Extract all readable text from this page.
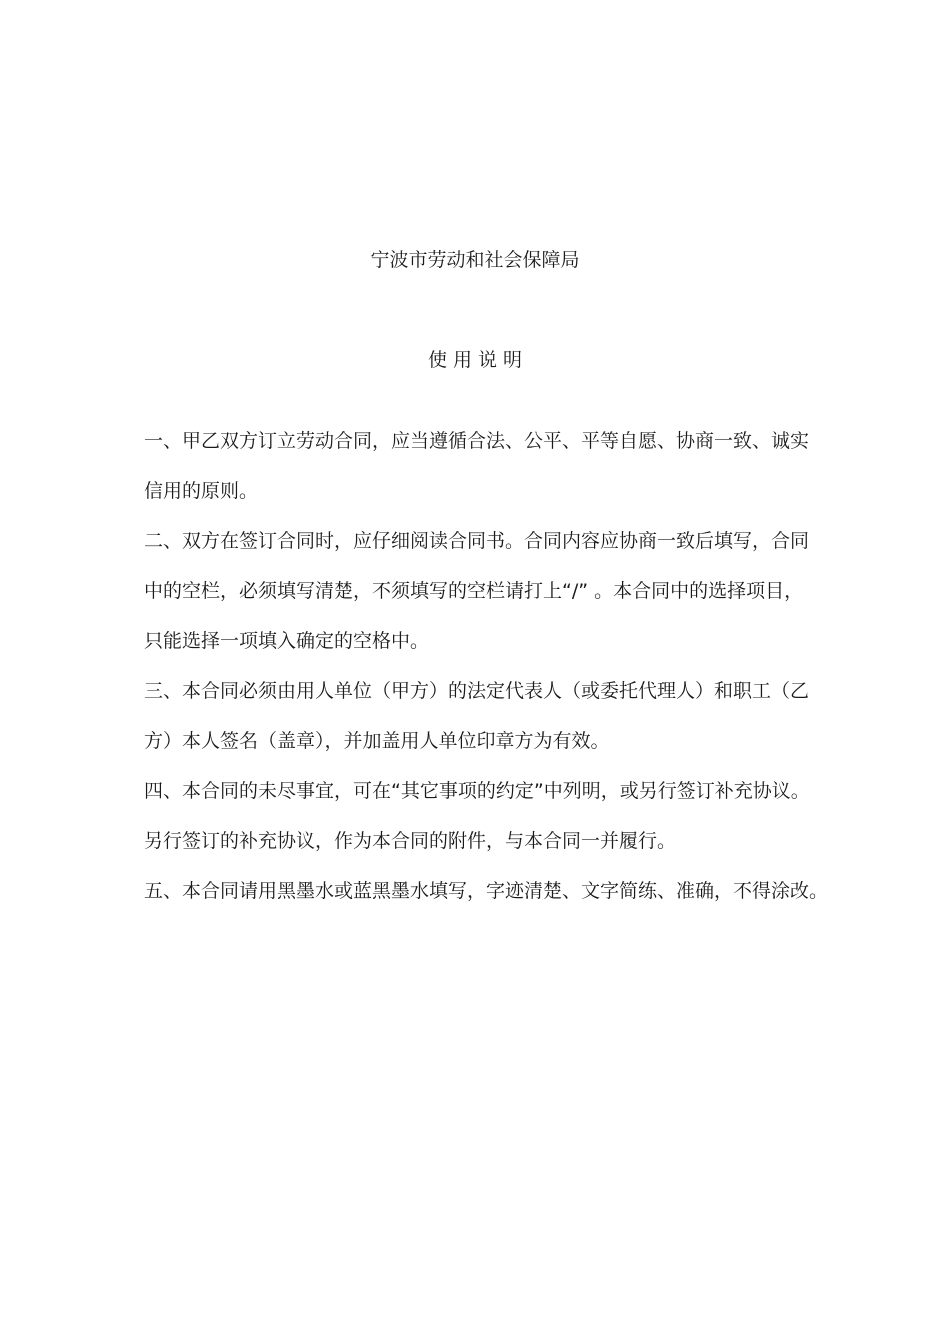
宁波市劳动和社会保障局
使 用 说 明

一、甲乙双方订立劳动合同，应当遵循合法、公平、平等自愿、协商一致、诚实
信用的原则。

二、双方在签订合同时，应仔细阅读合同书。合同内容应协商一致后填写，合同
中的空栏，必须填写清楚，不须填写的空栏请打上“/” 。本合同中的选择项目，
只能选择一项填入确定的空格中。

三、本合同必须由用人单位（甲方）的法定代表人（或委托代理人）和职工（乙
方）本人签名（盖章），并加盖用人单位印章方为有效。

四、本合同的未尽事宜，可在“其它事项的约定”中列明，或另行签订补充协议。
另行签订的补充协议，作为本合同的附件，与本合同一并履行。

五、本合同请用黑墨水或蓝黑墨水填写，字迹清楚、文字简练、准确，不得涂改。
